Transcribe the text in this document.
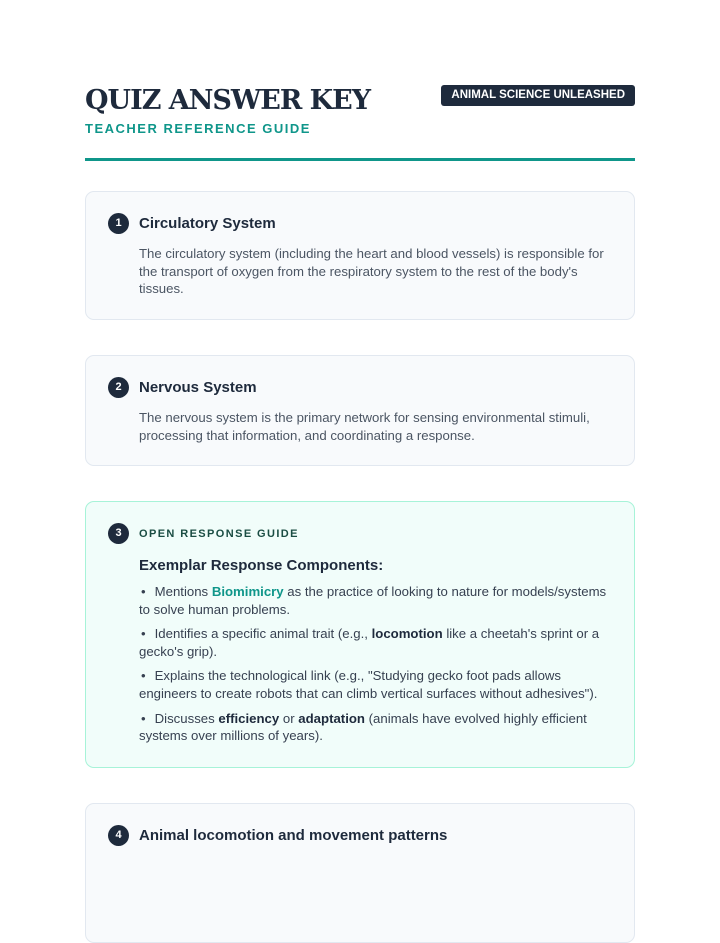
QUIZ ANSWER KEY
TEACHER REFERENCE GUIDE
ANIMAL SCIENCE UNLEASHED
1	Circulatory System
The circulatory system (including the heart and blood vessels) is responsible for the transport of oxygen from the respiratory system to the rest of the body's tissues.
2	Nervous System
The nervous system is the primary network for sensing environmental stimuli, processing that information, and coordinating a response.
3	OPEN RESPONSE GUIDE
Exemplar Response Components:
• Mentions Biomimicry as the practice of looking to nature for models/systems to solve human problems.
• Identifies a specific animal trait (e.g., locomotion like a cheetah's sprint or a gecko's grip).
• Explains the technological link (e.g., "Studying gecko foot pads allows engineers to create robots that can climb vertical surfaces without adhesives").
• Discusses efficiency or adaptation (animals have evolved highly efficient systems over millions of years).
4	Animal locomotion and movement patterns
